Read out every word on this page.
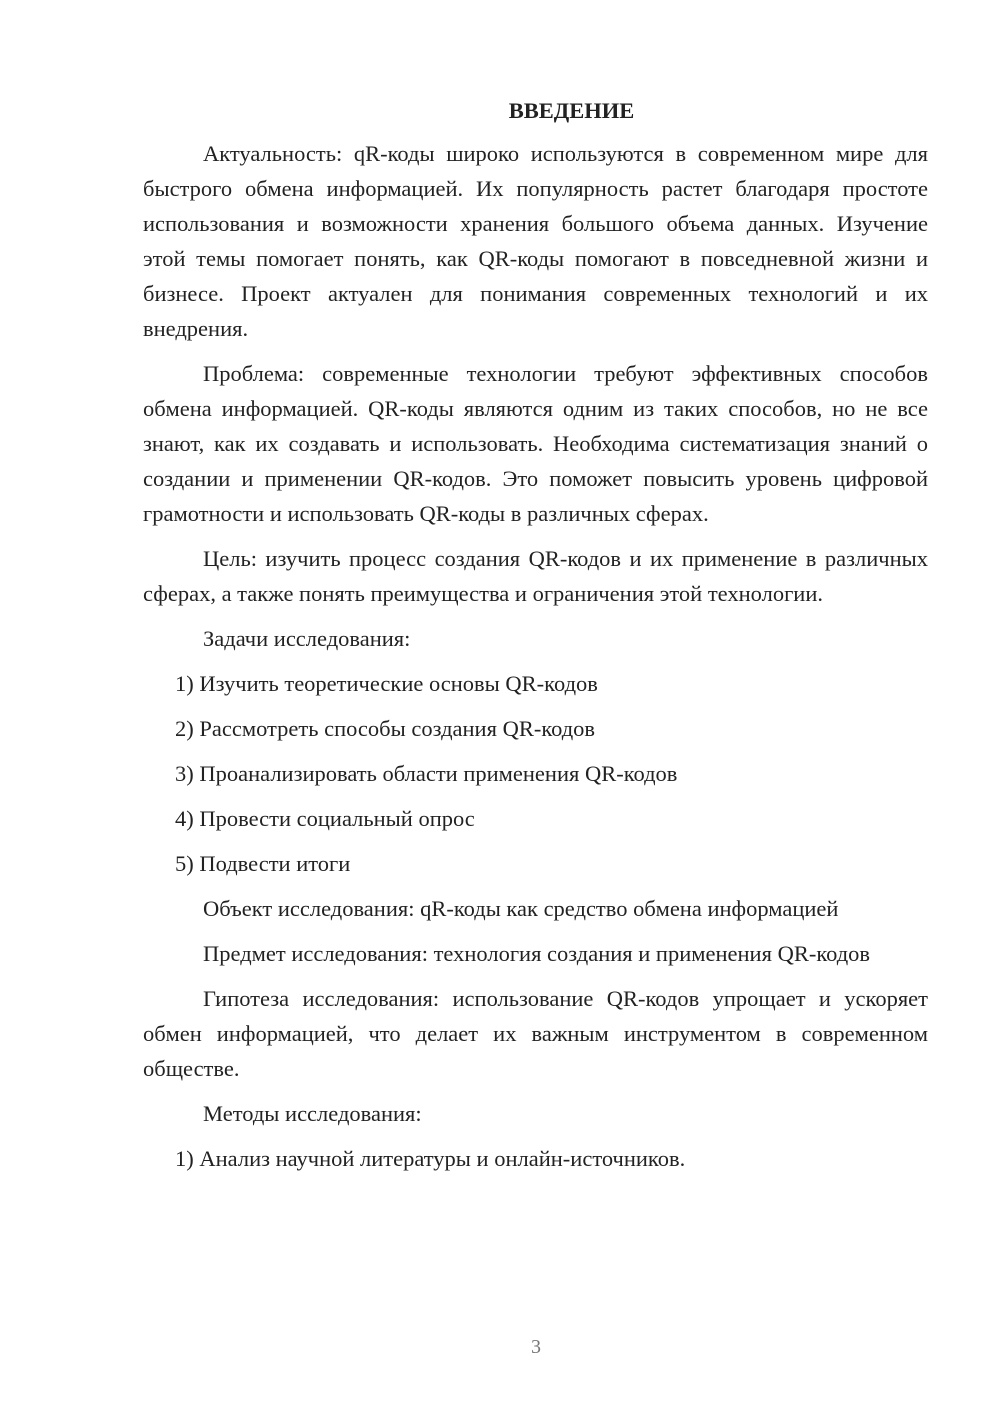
ВВЕДЕНИЕ

Актуальность: qR-коды широко используются в современном мире для быстрого обмена информацией. Их популярность растет благодаря простоте использования и возможности хранения большого объема данных. Изучение этой темы помогает понять, как QR-коды помогают в повседневной жизни и бизнесе. Проект актуален для понимания современных технологий и их внедрения.

Проблема: современные технологии требуют эффективных способов обмена информацией. QR-коды являются одним из таких способов, но не все знают, как их создавать и использовать. Необходима систематизация знаний о создании и применении QR-кодов. Это поможет повысить уровень цифровой грамотности и использовать QR-коды в различных сферах.

Цель: изучить процесс создания QR-кодов и их применение в различных сферах, а также понять преимущества и ограничения этой технологии.

Задачи исследования:

1) Изучить теоретические основы QR-кодов
2) Рассмотреть способы создания QR-кодов
3) Проанализировать области применения QR-кодов
4) Провести социальный опрос
5) Подвести итоги

Объект исследования: qR-коды как средство обмена информацией

Предмет исследования: технология создания и применения QR-кодов

Гипотеза исследования: использование QR-кодов упрощает и ускоряет обмен информацией, что делает их важным инструментом в современном обществе.

Методы исследования:

1) Анализ научной литературы и онлайн-источников.
3
